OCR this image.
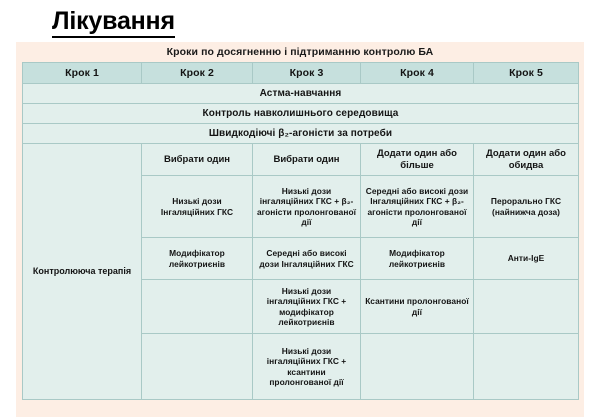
Лікування
Кроки по досягненню і підтриманню контролю БА
Крок 1	Крок 2	Крок 3	Крок 4	Крок 5
Астма-навчання				
Контроль навколишнього середовища				
Швидкодіючі β₂-агоністи за потреби				
Контролююча терапія	Вибрати один	Вибрати один	Додати один або більше	Додати один або обидва
	Низькі дози Інгаляційних ГКС	Низькі дози інгаляційних ГКС + β₂-агоністи пролонгованої дії	Середні або високі дози Інгаляційних ГКС + β₂-агоністи пролонгованої дії	Перорально ГКС (найнижча доза)
	Модифікатор лейкотриєнів	Середні або високі дози Інгаляційних ГКС	Модифікатор лейкотриєнів	Анти-IgE
		Низькі дози інгаляційних ГКС + модифікатор лейкотриєнів	Ксантини пролонгованої дії	
		Низькі дози інгаляційних ГКС + ксантини пролонгованої дії		
